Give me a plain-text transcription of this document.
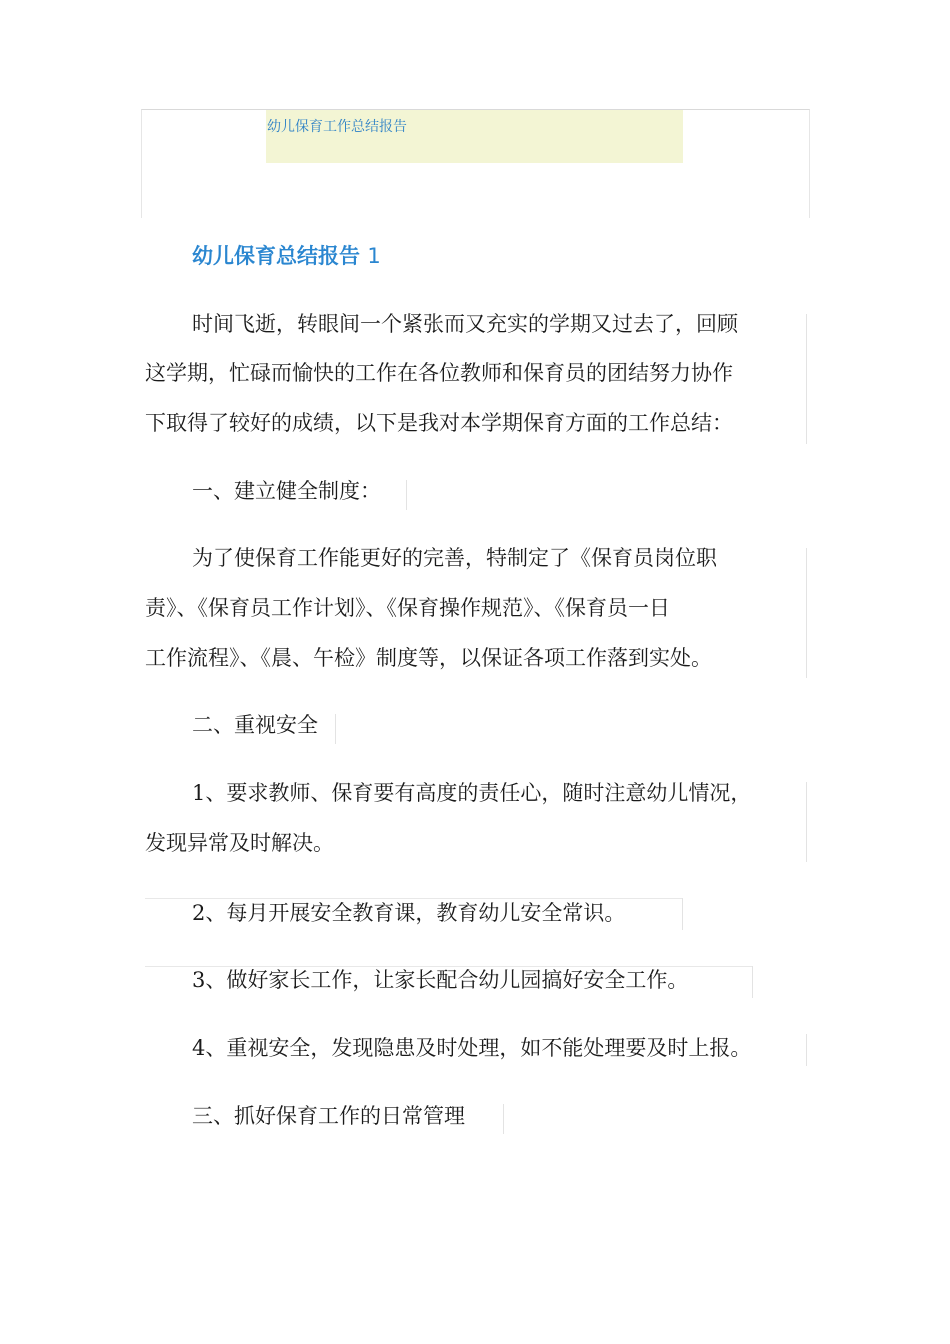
幼儿保育工作总结报告
幼儿保育总结报告 1
时间飞逝，转眼间一个紧张而又充实的学期又过去了，回顾
这学期，忙碌而愉快的工作在各位教师和保育员的团结努力协作
下取得了较好的成绩，以下是我对本学期保育方面的工作总结：
一、建立健全制度：
为了使保育工作能更好的完善，特制定了《保育员岗位职
责》、《保育员工作计划》、《保育操作规范》、《保育员一日
工作流程》、《晨、午检》制度等，以保证各项工作落到实处。
二、重视安全
1、要求教师、保育要有高度的责任心，随时注意幼儿情况，
发现异常及时解决。
2、每月开展安全教育课，教育幼儿安全常识。
3、做好家长工作，让家长配合幼儿园搞好安全工作。
4、重视安全，发现隐患及时处理，如不能处理要及时上报。
三、抓好保育工作的日常管理
